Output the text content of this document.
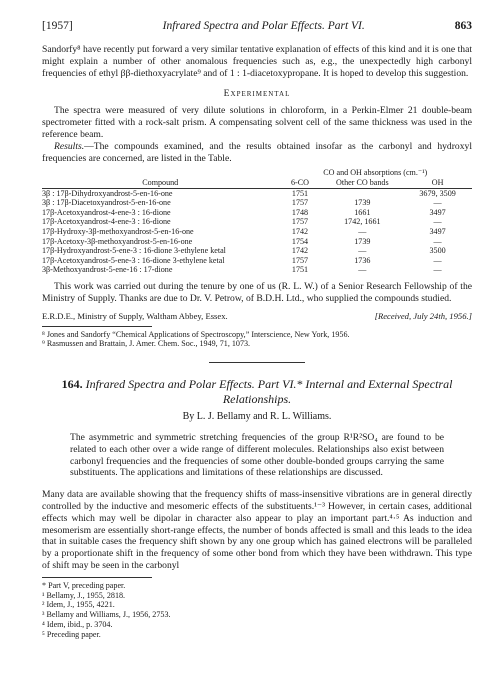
[1957]	Infrared Spectra and Polar Effects. Part VI.	863

Sandorfy⁸ have recently put forward a very similar tentative explanation of effects of this kind and it is one that might explain a number of other anomalous frequencies such as, e.g., the unexpectedly high carbonyl frequencies of ethyl ββ-diethoxyacrylate⁹ and of 1 : 1-diacetoxypropane. It is hoped to develop this suggestion.

Experimental

The spectra were measured of very dilute solutions in chloroform, in a Perkin-Elmer 21 double-beam spectrometer fitted with a rock-salt prism. A compensating solvent cell of the same thickness was used in the reference beam.

Results.—The compounds examined, and the results obtained insofar as the carbonyl and hydroxyl frequencies are concerned, are listed in the Table.

	CO and OH absorptions (cm.⁻¹)		
Compound	6-CO	Other CO bands	OH
3β : 17β-Dihydroxyandrost-5-en-16-one	1751		3679, 3509
3β : 17β-Diacetoxyandrost-5-en-16-one	1757	1739	—
17β-Acetoxyandrost-4-ene-3 : 16-dione	1748	1661	3497
17β-Acetoxyandrost-4-ene-3 : 16-dione	1757	1742, 1661	—
17β-Hydroxy-3β-methoxyandrost-5-en-16-one	1742	—	3497
17β-Acetoxy-3β-methoxyandrost-5-en-16-one	1754	1739	—
17β-Hydroxyandrost-5-ene-3 : 16-dione 3-ethylene ketal	1742	—	3500
17β-Acetoxyandrost-5-ene-3 : 16-dione 3-ethylene ketal	1757	1736	—
3β-Methoxyandrost-5-ene-16 : 17-dione	1751	—	—

This work was carried out during the tenure by one of us (R. L. W.) of a Senior Research Fellowship of the Ministry of Supply. Thanks are due to Dr. V. Petrow, of B.D.H. Ltd., who supplied the compounds studied.

E.R.D.E., Ministry of Supply, Waltham Abbey, Essex.	[Received, July 24th, 1956.]
⁸ Jones and Sandorfy “Chemical Applications of Spectroscopy,” Interscience, New York, 1956.
⁹ Rasmussen and Brattain, J. Amer. Chem. Soc., 1949, 71, 1073.
164. Infrared Spectra and Polar Effects. Part VI.* Internal and External Spectral Relationships.
By L. J. Bellamy and R. L. Williams.
The asymmetric and symmetric stretching frequencies of the group R¹R²SO₄ are found to be related to each other over a wide range of different molecules. Relationships also exist between carbonyl frequencies and the frequencies of some other double-bonded groups carrying the same substituents. The applications and limitations of these relationships are discussed.

Many data are available showing that the frequency shifts of mass-insensitive vibrations are in general directly controlled by the inductive and mesomeric effects of the substituents.¹⁻³ However, in certain cases, additional effects which may well be dipolar in character also appear to play an important part.⁴·⁵ As induction and mesomerism are essentially short-range effects, the number of bonds affected is small and this leads to the idea that in suitable cases the frequency shift shown by any one group which has gained electrons will be paralleled by a proportionate shift in the frequency of some other bond from which they have been withdrawn. This type of shift may be seen in the carbonyl

* Part V, preceding paper.
¹ Bellamy, J., 1955, 2818.
² Idem, J., 1955, 4221.
³ Bellamy and Williams, J., 1956, 2753.
⁴ Idem, ibid., p. 3704.
⁵ Preceding paper.
